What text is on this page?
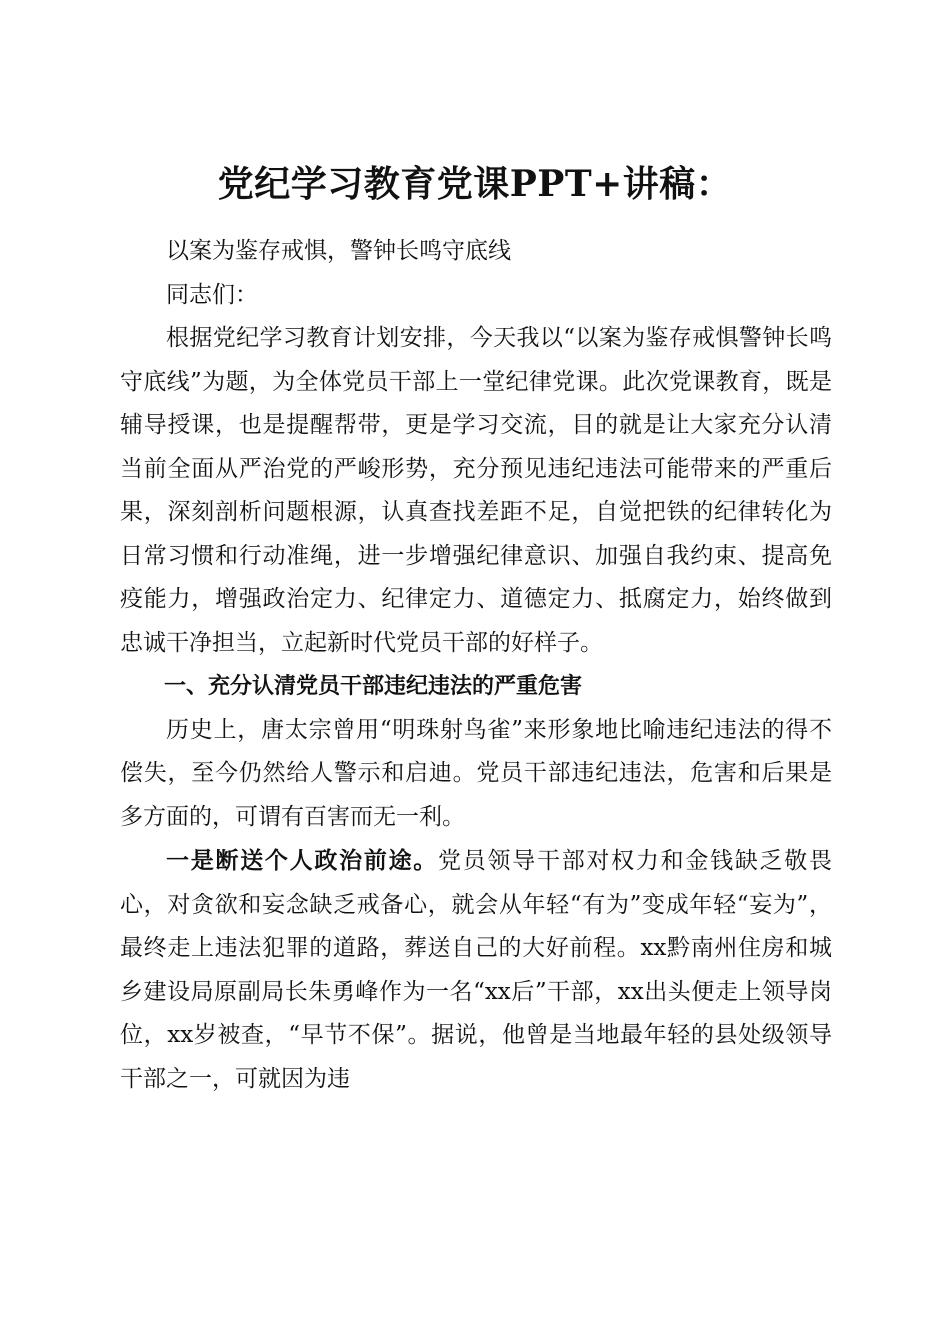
党纪学习教育党课PPT+讲稿：

以案为鉴存戒惧，警钟长鸣守底线

同志们：

根据党纪学习教育计划安排，今天我以“以案为鉴存戒惧警钟长鸣守底线”为题，为全体党员干部上一堂纪律党课。此次党课教育，既是辅导授课，也是提醒帮带，更是学习交流，目的就是让大家充分认清当前全面从严治党的严峻形势，充分预见违纪违法可能带来的严重后果，深刻剖析问题根源，认真查找差距不足，自觉把铁的纪律转化为日常习惯和行动准绳，进一步增强纪律意识、加强自我约束、提高免疫能力，增强政治定力、纪律定力、道德定力、抵腐定力，始终做到忠诚干净担当，立起新时代党员干部的好样子。

一、充分认清党员干部违纪违法的严重危害

历史上，唐太宗曾用“明珠射鸟雀”来形象地比喻违纪违法的得不偿失，至今仍然给人警示和启迪。党员干部违纪违法，危害和后果是多方面的，可谓有百害而无一利。

一是断送个人政治前途。党员领导干部对权力和金钱缺乏敬畏心，对贪欲和妄念缺乏戒备心，就会从年轻“有为”变成年轻“妄为”，最终走上违法犯罪的道路，葬送自己的大好前程。xx黔南州住房和城乡建设局原副局长朱勇峰作为一名“xx后”干部，xx出头便走上领导岗位，xx岁被查，“早节不保”。据说，他曾是当地最年轻的县处级领导干部之一，可就因为违
